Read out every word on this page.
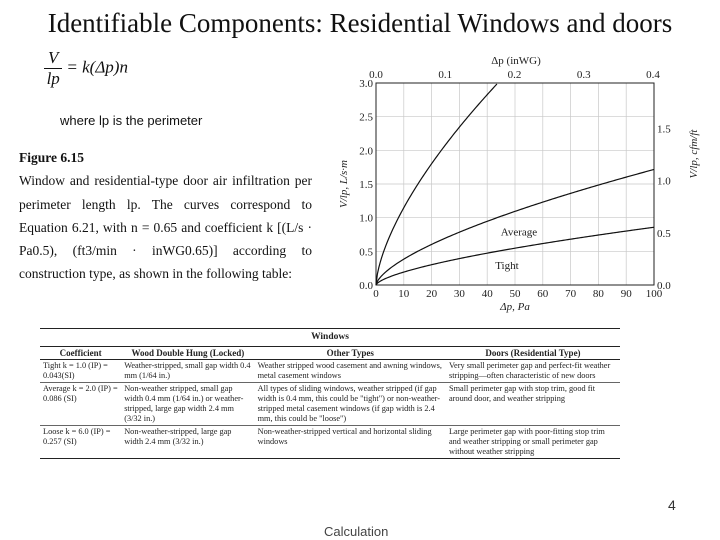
Identifiable Components: Residential Windows and doors
$\frac{V}{lp} = k(\Delta p)n$
where lp is the perimeter
Figure 6.15
Window and residential-type door air infiltration per perimeter length lp. The curves correspond to Equation 6.21, with n = 0.65 and coefficient k [(L/s · Pa0.5), (ft3/min · inWG0.65)] according to construction type, as shown in the following table:
0 10 20 30 40 50 60 70 80 90 100
Δp, Pa
0.0	0.1	0.2	0.3	0.4
Δp (inWG)
0.0
0.5
1.0
1.5
2.0
2.5
3.0
V/lp, L/s·m
0.0
0.5
1.0
1.5 V/lp, cfm/ft
Average
Tight
Windows			
Coefficient	Wood Double Hung (Locked)	Other Types	Doors (Residential Type)
Tight k = 1.0 (IP) = 0.043(SI)	Weather-stripped, small gap width 0.4 mm (1/64 in.)	Weather stripped wood casement and awning windows, metal casement windows	Very small perimeter gap and perfect-fit weather stripping—often characteristic of new doors
Average k = 2.0 (IP) = 0.086 (SI)	Non-weather stripped, small gap width 0.4 mm (1/64 in.) or weather-stripped, large gap width 2.4 mm (3/32 in.)	All types of sliding windows, weather stripped (if gap width is 0.4 mm, this could be "tight") or non-weather-stripped metal casement windows (if gap width is 2.4 mm, this could be "loose")	Small perimeter gap with stop trim, good fit around door, and weather stripping
Loose k = 6.0 (IP) = 0.257 (SI)	Non-weather-stripped, large gap width 2.4 mm (3/32 in.)	Non-weather-stripped vertical and horizontal sliding windows	Large perimeter gap with poor-fitting stop trim and weather stripping or small perimeter gap without weather stripping
Calculation
4
